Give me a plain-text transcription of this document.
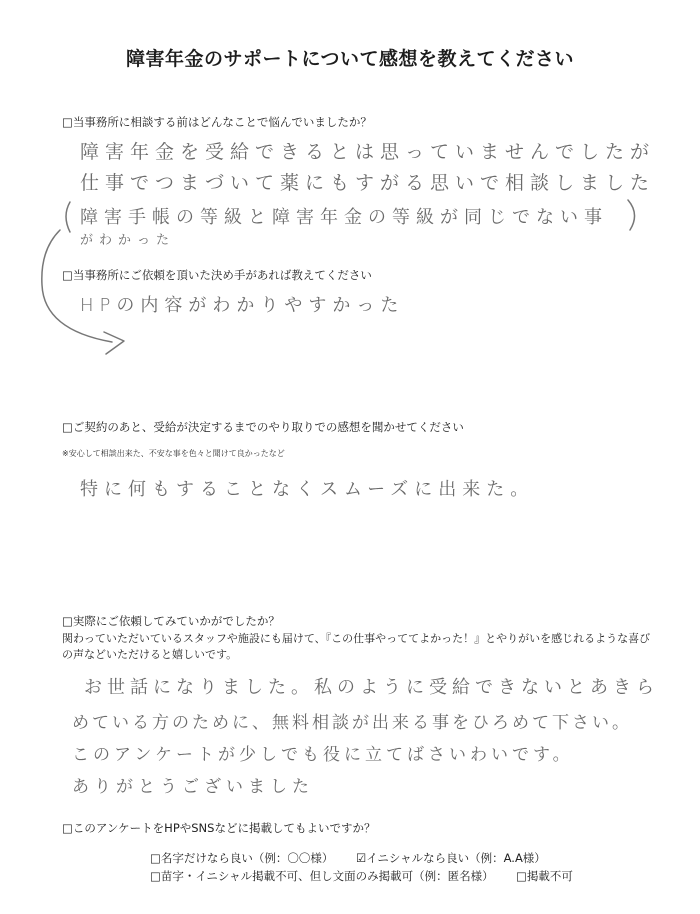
障害年金のサポートについて感想を教えてください
□当事務所に相談する前はどんなことで悩んでいましたか？
障害年金を受給できるとは思っていませんでしたが
仕事でつまづいて薬にもすがる思いで相談しました
障害手帳の等級と障害年金の等級が同じでない事
がわかった
□当事務所にご依頼を頂いた決め手があれば教えてください
HPの内容がわかりやすかった
□ご契約のあと、受給が決定するまでのやり取りでの感想を聞かせてください
※安心して相談出来た、不安な事を色々と聞けて良かったなど
特に何もすることなくスムーズに出来た。
□実際にご依頼してみていかがでしたか？
関わっていただいているスタッフや施設にも届けて、『この仕事やっててよかった！』とやりがいを感じれるような喜び
の声などいただけると嬉しいです。
お世話になりました。私のように受給できないとあきら
めている方のために、無料相談が出来る事をひろめて下さい。
このアンケートが少しでも役に立てばさいわいです。
ありがとうございました
□このアンケートをHPやSNSなどに掲載してもよいですか？
□名字だけなら良い（例：〇〇様） ☑イニシャルなら良い（例：A.A様）
□苗字・イニシャル掲載不可、但し文面のみ掲載可（例：匿名様） □掲載不可
